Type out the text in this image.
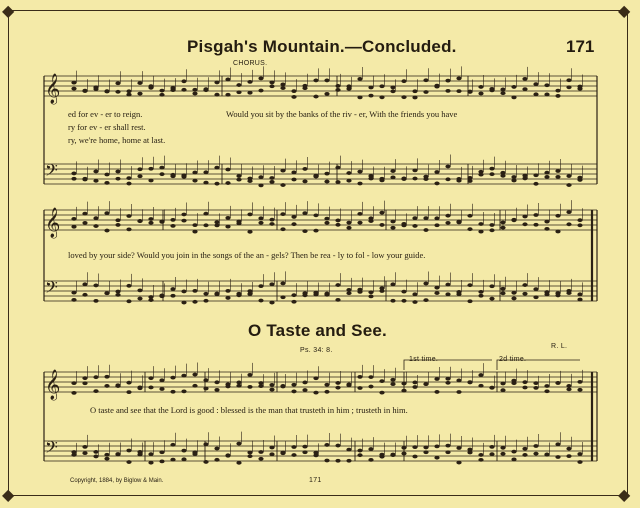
◆	◆
◆	◆
Pisgah's Mountain.—Concluded.	171
CHORUS.
𝄞
𝄢
𝄞
𝄢
𝄞
𝄢
ed for ev - er to reign.
ry for ev - er shall rest.
ry, we're home, home at last.
Would you sit by the banks of the riv - er, With the friends you have
loved by your side? Would you join in the songs of the an - gels? Then be rea - ly to fol - low your guide.
O Taste and See.
Ps. 34: 8.
R. L.
1st time.	2d time.
O taste and see that the Lord is good : blessed is the man that trusteth in him ; trusteth in him.
Copyright, 1884, by Biglow & Main.	171
